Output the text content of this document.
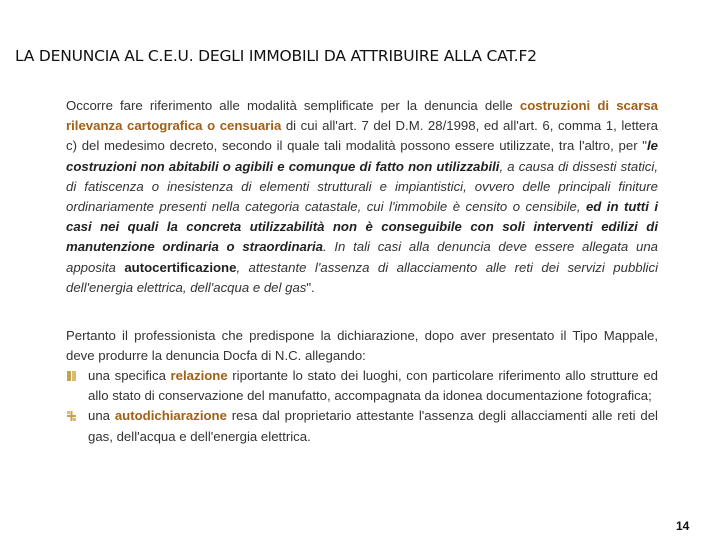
LA DENUNCIA AL C.E.U. DEGLI IMMOBILI DA ATTRIBUIRE ALLA CAT.F2

Occorre fare riferimento alle modalità semplificate per la denuncia delle costruzioni di scarsa rilevanza cartografica o censuaria di cui all'art. 7 del D.M. 28/1998, ed all'art. 6, comma 1, lettera c) del medesimo decreto, secondo il quale tali modalità possono essere utilizzate, tra l'altro, per "le costruzioni non abitabili o agibili e comunque di fatto non utilizzabili, a causa di dissesti statici, di fatiscenza o inesistenza di elementi strutturali e impiantistici, ovvero delle principali finiture ordinariamente presenti nella categoria catastale, cui l'immobile è censito o censibile, ed in tutti i casi nei quali la concreta utilizzabilità non è conseguibile con soli interventi edilizi di manutenzione ordinaria o straordinaria. In tali casi alla denuncia deve essere allegata una apposita autocertificazione, attestante l'assenza di allacciamento alle reti dei servizi pubblici dell'energia elettrica, dell'acqua e del gas".

Pertanto il professionista che predispone la dichiarazione, dopo aver presentato il Tipo Mappale, deve produrre la denuncia Docfa di N.C. allegando:

una specifica relazione riportante lo stato dei luoghi, con particolare riferimento allo strutture ed allo stato di conservazione del manufatto, accompagnata da idonea documentazione fotografica;
una autodichiarazione resa dal proprietario attestante l'assenza degli allacciamenti alle reti del gas, dell'acqua e dell'energia elettrica.
14
